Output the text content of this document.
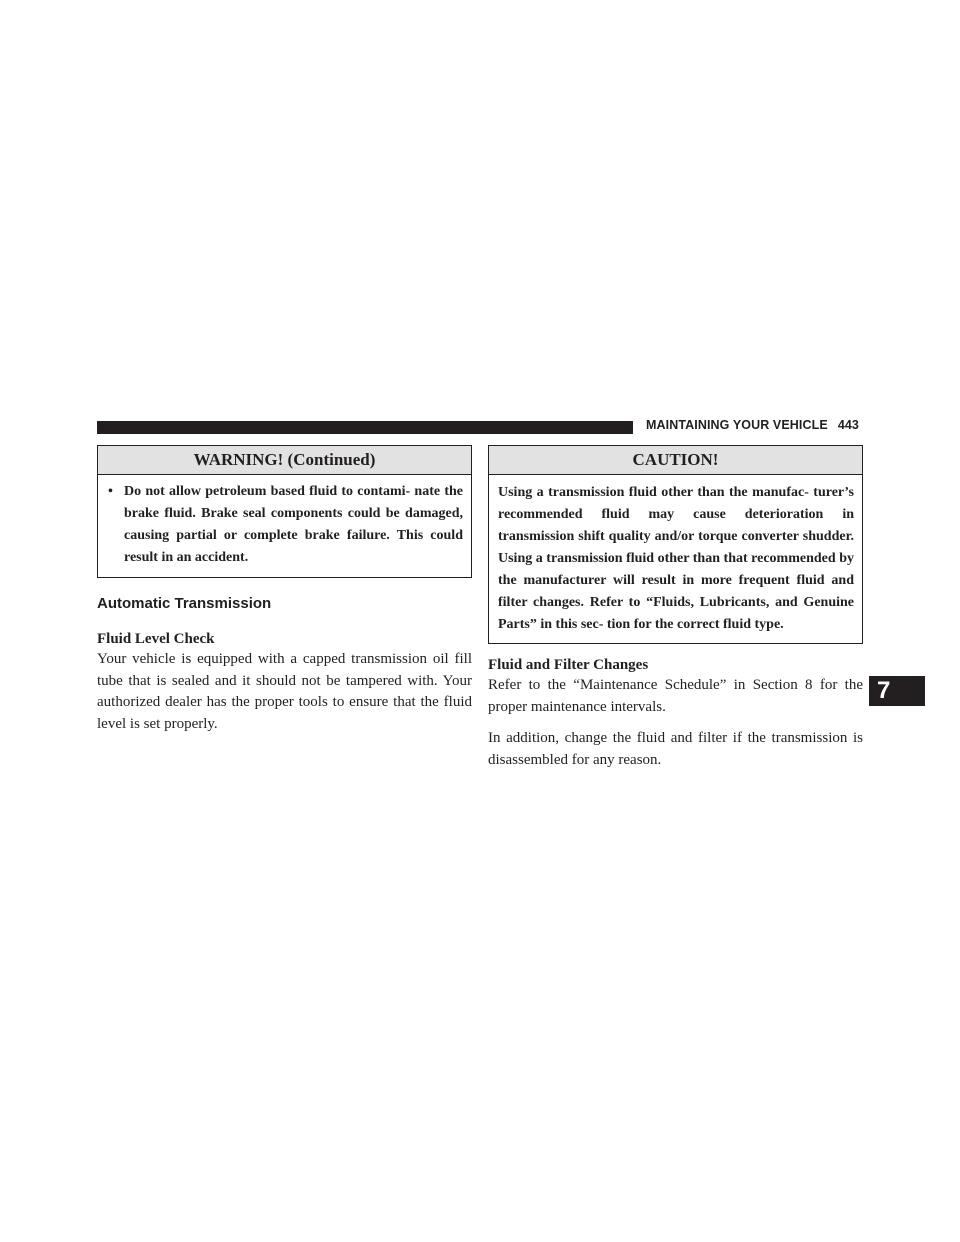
MAINTAINING YOUR VEHICLE 443
WARNING! (Continued)
• Do not allow petroleum based fluid to contami- nate the brake fluid. Brake seal components could be damaged, causing partial or complete brake failure. This could result in an accident.
Automatic Transmission
Fluid Level Check

Your vehicle is equipped with a capped transmission oil fill tube that is sealed and it should not be tampered with. Your authorized dealer has the proper tools to ensure that the fluid level is set properly.

CAUTION!
Using a transmission fluid other than the manufac- turer’s recommended fluid may cause deterioration in transmission shift quality and/or torque converter shudder. Using a transmission fluid other than that recommended by the manufacturer will result in more frequent fluid and filter changes. Refer to “Fluids, Lubricants, and Genuine Parts” in this sec- tion for the correct fluid type.
Fluid and Filter Changes

Refer to the “Maintenance Schedule” in Section 8 for the proper maintenance intervals.

In addition, change the fluid and filter if the transmission is disassembled for any reason.

7
